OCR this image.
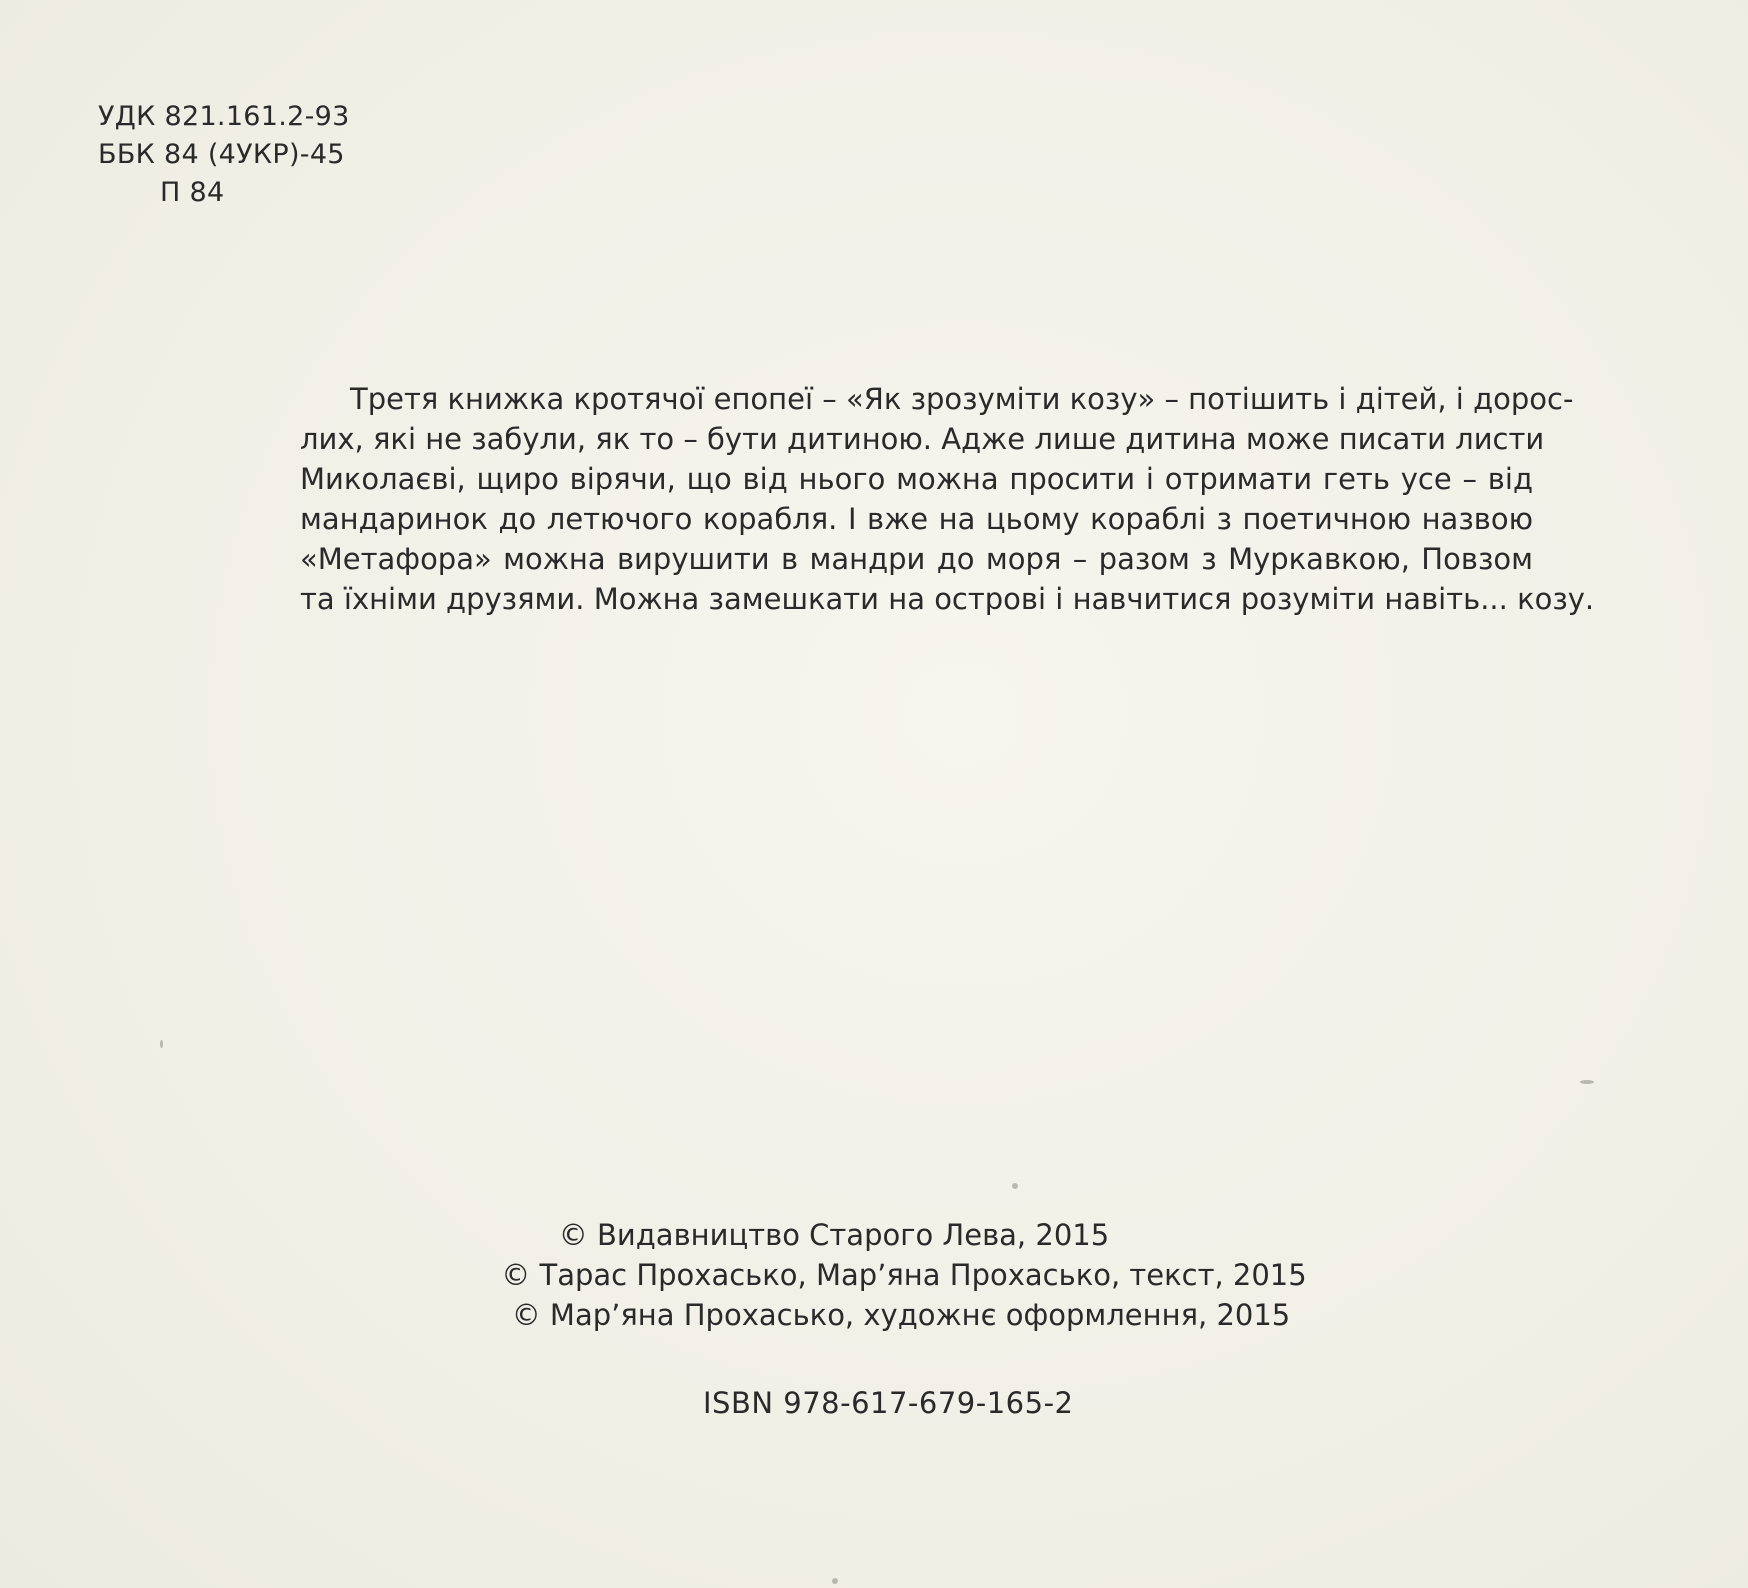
УДК 821.161.2-93
ББК 84 (4УКР)-45
П 84
Третя книжка кротячої епопеї – «Як зрозуміти козу» – потішить і дітей, і дорос-
лих, які не забули, як то – бути дитиною. Адже лише дитина може писати листи
Миколаєві, щиро вірячи, що від нього можна просити і отримати геть усе – від
мандаринок до летючого корабля. І вже на цьому кораблі з поетичною назвою
«Метафора» можна вирушити в мандри до моря – разом з Муркавкою, Повзом
та їхніми друзями. Можна замешкати на острові і навчитися розуміти навіть... козу.
© Видавництво Старого Лева, 2015
© Тарас Прохасько, Мар’яна Прохасько, текст, 2015
© Мар’яна Прохасько, художнє оформлення, 2015
ISBN 978-617-679-165-2
